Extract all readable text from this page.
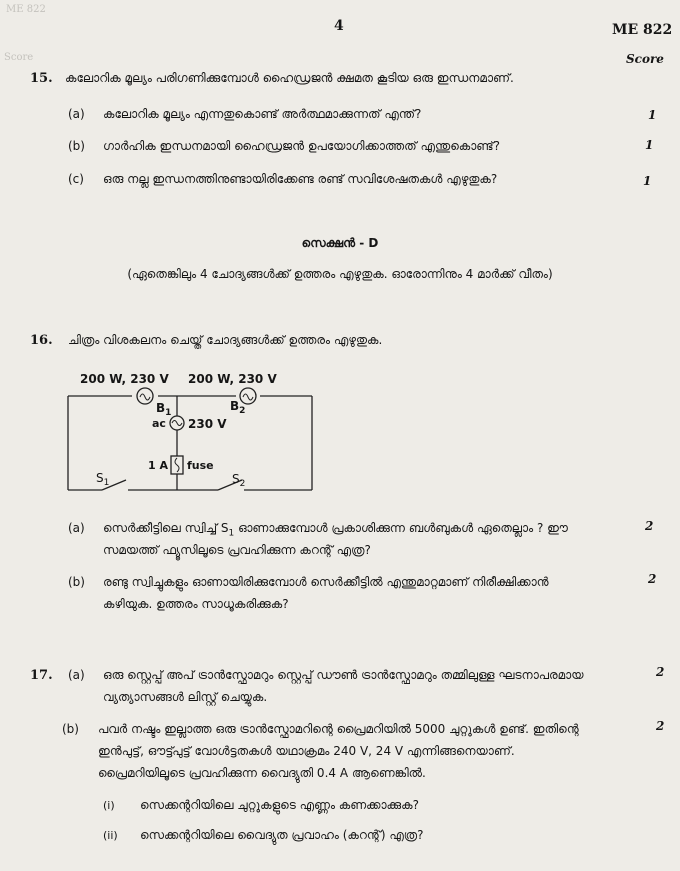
ME 822
Score
4	ME 822
Score
15. കലോറിക മൂല്യം പരിഗണിക്കുമ്പോൾ ഹൈഡ്രജൻ ക്ഷമത കൂടിയ ഒരു ഇന്ധനമാണ്.
(a) കലോറിക മൂല്യം എന്നതുകൊണ്ട് അർത്ഥമാക്കുന്നത് എന്ത്?	1
(b) ഗാർഹിക ഇന്ധനമായി ഹൈഡ്രജൻ ഉപയോഗിക്കാത്തത് എന്തുകൊണ്ട്?	1
(c) ഒരു നല്ല ഇന്ധനത്തിനുണ്ടായിരിക്കേണ്ട രണ്ട് സവിശേഷതകൾ എഴുതുക?	1
സെക്ഷൻ - D
(ഏതെങ്കിലും 4 ചോദ്യങ്ങൾക്ക് ഉത്തരം എഴുതുക. ഓരോന്നിനും 4 മാർക്ക് വീതം)
16. ചിത്രം വിശകലനം ചെയ്ത് ചോദ്യങ്ങൾക്ക് ഉത്തരം എഴുതുക.
200 W, 230 V 200 W, 230 V
$B_1$	$B_2$
ac 230 V
1 A fuse
$S_1$	$S_2$
(a) സെർക്കീട്ടിലെ സ്വിച്ച് $S_1$ ഓണാക്കുമ്പോൾ പ്രകാശിക്കുന്ന ബൾബുകൾ ഏതെല്ലാം ? ഈ
സമയത്ത് ഫ്യൂസിലൂടെ പ്രവഹിക്കുന്ന കറന്റ് എത്ര?
2
(b) രണ്ടു സ്വിച്ചുകളും ഓണായിരിക്കുമ്പോൾ സെർക്കീട്ടിൽ എന്തുമാറ്റമാണ് നിരീക്ഷിക്കാൻ
കഴിയുക. ഉത്തരം സാധൂകരിക്കുക?
2
17. (a) ഒരു സ്റ്റെപ്പ് അപ് ട്രാൻസ്ഫോമറും സ്റ്റെപ്പ് ഡൗൺ ട്രാൻസ്ഫോമറും തമ്മിലുള്ള ഘടനാപരമായ
വ്യത്യാസങ്ങൾ ലിസ്റ്റ് ചെയ്യുക.
2
(b) പവർ നഷ്ടം ഇല്ലാത്ത ഒരു ട്രാൻസ്ഫോമറിന്റെ പ്രൈമറിയിൽ 5000 ചുറ്റുകൾ ഉണ്ട്. ഇതിന്റെ
ഇൻപുട്ട്, ഔട്ട്പുട്ട് വോൾട്ടതകൾ യഥാക്രമം 240 V, 24 V എന്നിങ്ങനെയാണ്.
പ്രൈമറിയിലൂടെ പ്രവഹിക്കുന്ന വൈദ്യുതി 0.4 A ആണെങ്കിൽ.
2
(i) സെക്കന്ററിയിലെ ചുറ്റുകളുടെ എണ്ണം കണക്കാക്കുക?
(ii) സെക്കന്ററിയിലെ വൈദ്യുത പ്രവാഹം (കറന്റ്) എത്ര?
